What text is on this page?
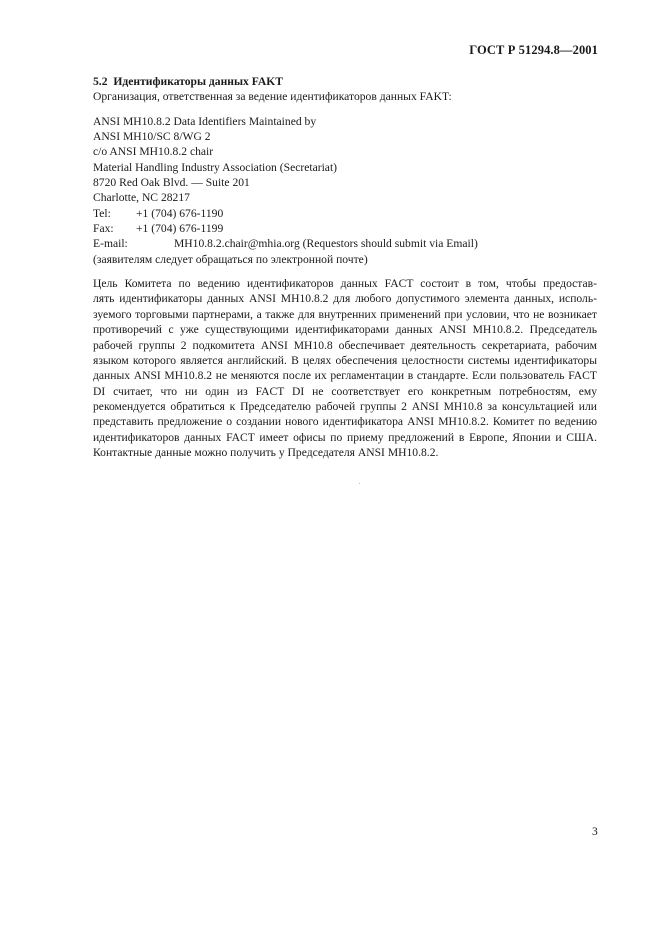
ГОСТ Р 51294.8—2001
5.2 Идентификаторы данных FAKT
Организация, ответственная за ведение идентификаторов данных FAKT:
ANSI MH10.8.2 Data Identifiers Maintained by
ANSI MH10/SC 8/WG 2
c/o ANSI MH10.8.2 chair
Material Handling Industry Association (Secretariat)
8720 Red Oak Blvd. — Suite 201
Charlotte, NC 28217
Tel:	+1 (704) 676-1190
Fax:	+1 (704) 676-1199
E-mail:	MH10.8.2.chair@mhia.org (Requestors should submit via Email)
(заявителям следует обращаться по электронной почте)
Цель Комитета по ведению идентификаторов данных FACT состоит в том, чтобы предостав-
лять идентификаторы данных ANSI MH10.8.2 для любого допустимого элемента данных, исполь-
зуемого торговыми партнерами, а также для внутренних применений при условии, что не возникает
противоречий с уже существующими идентификаторами данных ANSI MH10.8.2. Председатель
рабочей группы 2 подкомитета ANSI MH10.8 обеспечивает деятельность секретариата, рабочим
языком которого является английский. В целях обеспечения целостности системы идентификаторы
данных ANSI MH10.8.2 не меняются после их регламентации в стандарте. Если пользователь FACT
DI считает, что ни один из FACT DI не соответствует его конкретным потребностям, ему
рекомендуется обратиться к Председателю рабочей группы 2 ANSI MH10.8 за консультацией или
представить предложение о создании нового идентификатора ANSI MH10.8.2. Комитет по ведению
идентификаторов данных FACT имеет офисы по приему предложений в Европе, Японии и США.
Контактные данные можно получить у Председателя ANSI MH10.8.2.
3
